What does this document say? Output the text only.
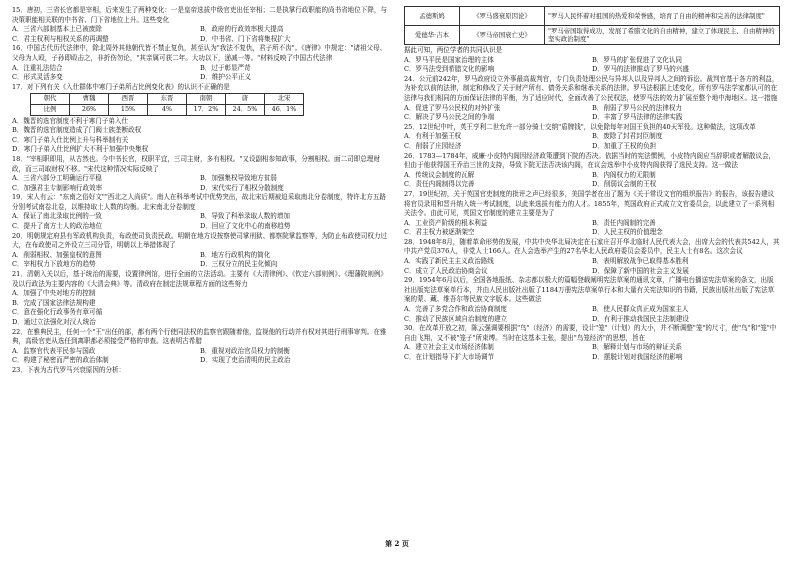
15．唐初，三省长官都是宰相，后来发生了两种变化：一是皇帝选拔中级官吏出任宰相；二是执掌行政职能的尚书省地位下降，与决策职能相关联的中书省、门下省地位上升。这些变化

A．三省六部制基本上已被废除	B．政府的行政效率极大提高
C．君主权利与相权关系的再调整	D．中书省、门下省将集权扩大

16．中国古代历代法律中，除北周外其他朝代皆不禁止复仇，甚至认为"我法不复仇，君子所不齿"。《唐律》中规定："诸祖父母、父母为人殴，子孙即殴击之，非折伤勿论，"其亲属可获二年。大功以下，递减一等。"材料反映了中国古代法律

A．注重礼法结合	B．过于彰显严苛
C．形式灵活多变	D．维护公平正义

17．对下列有关《入仕群体中寒门子弟所占比例变化表》的认识不正确的是

朝代	曹魏	西晋	东晋	南朝	唐	北宋
比例	26%	15%	4%	17．2%	24．5%	46．1%

A．魏晋的选官制度不利于寒门子弟入仕

B．魏晋的选官制度造成了门阀士族垄断政权

C．寒门子弟入仕比例上升与科举制有关

D．寒门子弟入仕比例扩大不利于加强中央集权

18．"宰相职即用，从古然也。今中书长官，权职平宜，三司主财，多有相权。"又设副相参知政事，分割相权。面二司即总理财政，而三司取财权不移。"宋代这种情况实际反映了

A．三省六部分工明确运行平稳	B．加强集权导致地方贫弱
C．加强君主专制影响行政效率	D．宋代实行了相权分散制度

19．宋人有云："东南之俗好文""西北之人尚质"。南人在科举考试中优势突出，故北宋后期被迫采取南北分卷制度，特许北方五路分别考试南卷北卷，以维持取士人数的均衡。北宋南北分卷制度

A．保证了南北录取比例的一致	B．导致了科举录取人数的增加
C．提升了南方士人的政治地位	D．回应了文化中心的南移趋势

20．明朝规定府县有军政机构负责，布政使司负责民政。明朝在地方设按察使司掌刑狱、都察院掌监察等，为防止布政使司权力过大，在布政使司之外设立三司分管，明朝以上举措体现了

A．削弱相权、加强皇权的意图	B．地方行政机构的简化
C．宰相权力下放地方的趋势	D．三权分立的民主化倾向

21．清朝入关以后，基于统治的需要，设置律例馆，进行全面的立法活动。主要有《大清律例》、《钦定六部则例》、《理藩院则例》及以行政法为主要内容的《大清会典》等。清政府在制定法规章程方面的这些努力

A．加强了中央对地方的控制

B．完成了国家法律法规构建

C．意在强化行政事务有章可循

D．通过立法强化对汉人统治

22．在雅典民主，任何一个"王"出任的部，都有两个行使同法权的监察官跟随着他，监视他的行动并有权对其进行刑事审判。在雅典，高级官吏从选任到离职都必须接受严格的审查。这表明古希腊

A．监察官代表平民参与国政	B．重视对政治官员权力的制衡
C．构建了秘密而严密的政治体制	D．实现了吏治清明的民主政治

23．下表为古代罗马兴衰原因的分析：

孟德斯鸠	《罗马盛衰原因论》	"罗马人民怀着对祖国的热爱和荣誉感，培育了自由的精神和完善的法律制度"
爱德华·吉本	《罗马帝国衰亡史》	"罗马帝国取得成功，发展了希腊文化的自由精神，建立了体现民主、自由精神的坚实政治制度"

据此可知，两位学者的共同认识是

A．罗马平民是国家治理的主体	B．罗马的扩张促进了文化认同
C．罗马法受到希腊文化的影响	D．罗马的法律推动了罗马的兴盛

24．公元前242年，罗马政府设立外事最高裁判官，专门负责处理公民与异邦人以及异邦人之间的诉讼。裁判官基于各方的利益，为补充以前的法律，制定和修改了关于财产所有、债务关系和继承关系的法律。罗马法根据上述变化，所有罗马法学家都认可的在法律与我们相同的方面保证法律的平衡，为了适应时代，全面改善了公民权法，使罗马法的效力扩展至整个地中海地区。这一措施

A．促进了罗马公民权的对外扩张	B．削弱了罗马公民的法律权力
C．解决了罗马公民之间的争端	D．丰富了罗马法律的法律实践

25．12世纪中叶，英王亨利二世允许一部分骑士交纳"盾牌钱"，以免除每年对国王负担的40天军役。这种做法，这项改革

A．有利于加强王权	B．废除了封君封臣制度
C．削弱了庄园经济	D．加重了王权的负担

26．1783—1784年，威廉·小皮特内阁因经济政策遭到下院的否决。依据当时的宪法惯例，小皮特内阁应当辞职或者解散议会，但由于他获得国王乔治三世的支持，导致下院无法否决该内阁，在议会选举中小皮特内阁获得了选民支持。这一做法

A．传统议会制度的瓦解	B．内阁权力的无限制
C．责任内阁制得以完善	D．削弱议会制的王权

27．19世纪初，关于英国官吏制度的批评之声已经很多，美国学者在出了题为《关于常设文官的组织报告》的报告，该报告建议将官员录用和晋升纳入统一考试制度，以此来选拔有能力的人才。1855年，英国政府正式成立文官委员会，以此建立了一系列相关法令。由此可见，英国文官制度的建立主要是为了

A．工业资产阶级的根本利益	B．责任内阁制的完善
C．君主权力被逐渐架空	D．人民主权的价值理念

28．1948年8月，随着革命形势的发展，中共中央华北局决定在石家庄召开华北临时人民代表大会，出席大会的代表共542人，其中共产党员376人，非党人士166人。在人会选举产生的27名华北人民政府委员会委员中，民主人士有8名。这次会议

A．实践了新民主主义政治路线	B．表明解放战争已取得基本胜利
C．成立了人民政治协商会议	D．保障了新中国的社会主义发展

29．1954年6月以后，全国各地报纸、杂志都以极大的篇幅登载阐明宪法草案的通讯文章，广播电台播送宪法草案的条文，出版社出版宪法草案单行本，并由人民出版社出版了1184万册宪法草案单行本和大量有关宪法知识的书籍，民族出版社出版了宪法草案的蒙、藏、维吾尔等民族文字版本。这些做法

A．完善了多党合作和政治协商制度	B．使人民群众真正成为国家主人
C．推动了民族区域自治制度的建立	D．有利于推动我国民主法制建设

30．在改革开放之初，陈云强调要根据"鸟"（经济）的需要，设计"笼"（计划）的大小，并不断调整"笼"的尺寸，使"鸟"和"笼"中自由飞翔，又不被"笼子"所束缚。当时在这基本主张，提出"鸟笼经济"的思想，旨在

A．建立社会主义市场经济体制	B．解释计划与市场的辩证关系
C．在计划指导下扩大市场调节	D．摆脱计划对我国经济的影响
第 2 页
